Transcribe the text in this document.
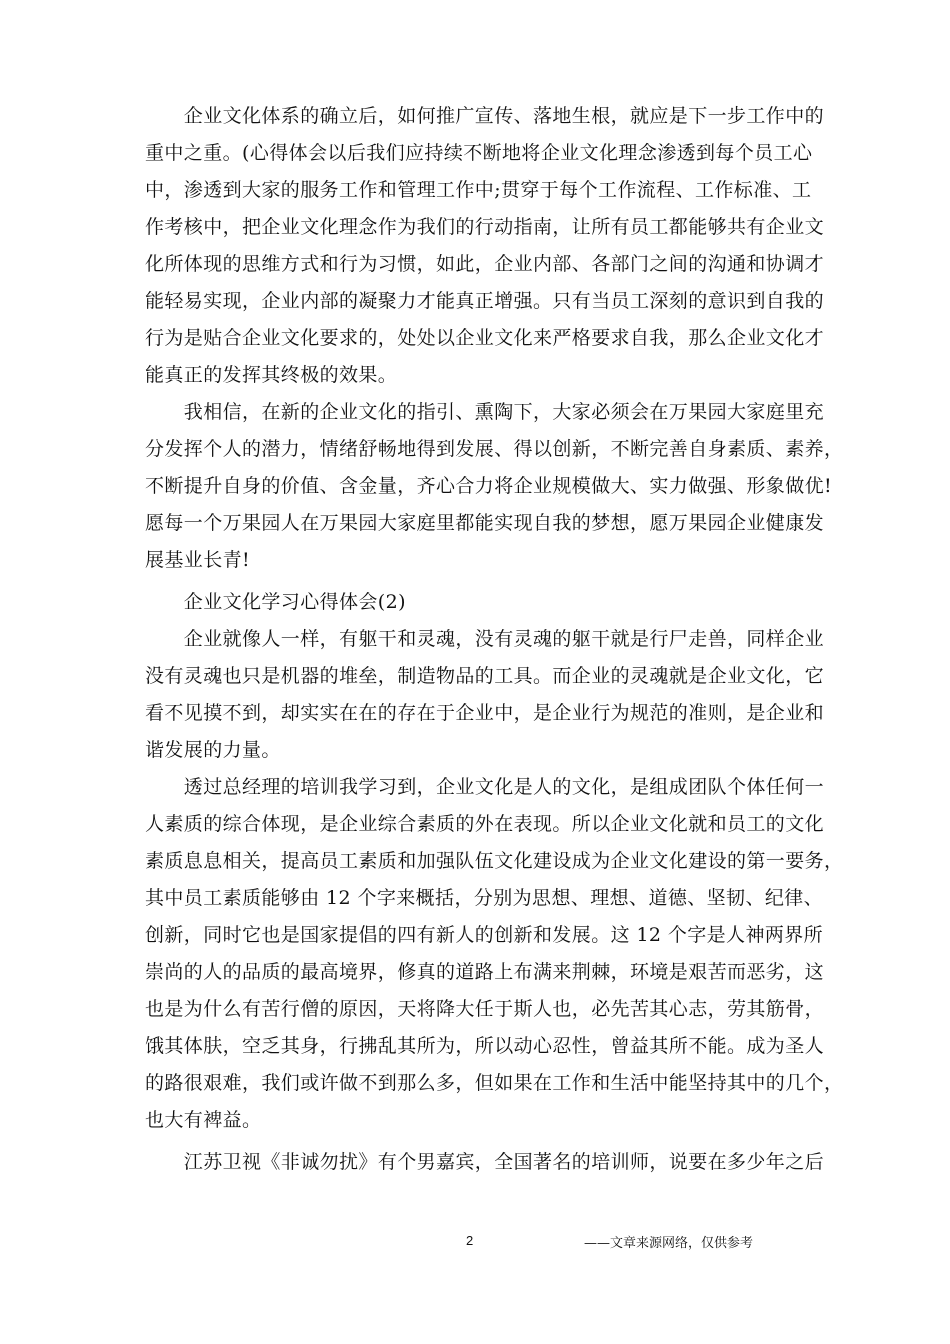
　　企业文化体系的确立后，如何推广宣传、落地生根，就应是下一步工作中的
重中之重。(心得体会以后我们应持续不断地将企业文化理念渗透到每个员工心
中，渗透到大家的服务工作和管理工作中;贯穿于每个工作流程、工作标准、工
作考核中，把企业文化理念作为我们的行动指南，让所有员工都能够共有企业文
化所体现的思维方式和行为习惯，如此，企业内部、各部门之间的沟通和协调才
能轻易实现，企业内部的凝聚力才能真正增强。只有当员工深刻的意识到自我的
行为是贴合企业文化要求的，处处以企业文化来严格要求自我，那么企业文化才
能真正的发挥其终极的效果。
　　我相信，在新的企业文化的指引、熏陶下，大家必须会在万果园大家庭里充
分发挥个人的潜力，情绪舒畅地得到发展、得以创新，不断完善自身素质、素养，
不断提升自身的价值、含金量，齐心合力将企业规模做大、实力做强、形象做优!
愿每一个万果园人在万果园大家庭里都能实现自我的梦想，愿万果园企业健康发
展基业长青!
　　企业文化学习心得体会(2)
　　企业就像人一样，有躯干和灵魂，没有灵魂的躯干就是行尸走兽，同样企业
没有灵魂也只是机器的堆垒，制造物品的工具。而企业的灵魂就是企业文化，它
看不见摸不到，却实实在在的存在于企业中，是企业行为规范的准则，是企业和
谐发展的力量。
　　透过总经理的培训我学习到，企业文化是人的文化，是组成团队个体任何一
人素质的综合体现，是企业综合素质的外在表现。所以企业文化就和员工的文化
素质息息相关，提高员工素质和加强队伍文化建设成为企业文化建设的第一要务，
其中员工素质能够由 12 个字来概括，分别为思想、理想、道德、坚韧、纪律、
创新，同时它也是国家提倡的四有新人的创新和发展。这 12 个字是人神两界所
崇尚的人的品质的最高境界，修真的道路上布满来荆棘，环境是艰苦而恶劣，这
也是为什么有苦行僧的原因，天将降大任于斯人也，必先苦其心志，劳其筋骨，
饿其体肤，空乏其身，行拂乱其所为，所以动心忍性，曾益其所不能。成为圣人
的路很艰难，我们或许做不到那么多，但如果在工作和生活中能坚持其中的几个，
也大有裨益。
　　江苏卫视《非诚勿扰》有个男嘉宾，全国著名的培训师，说要在多少年之后
2	——文章来源网络，仅供参考
